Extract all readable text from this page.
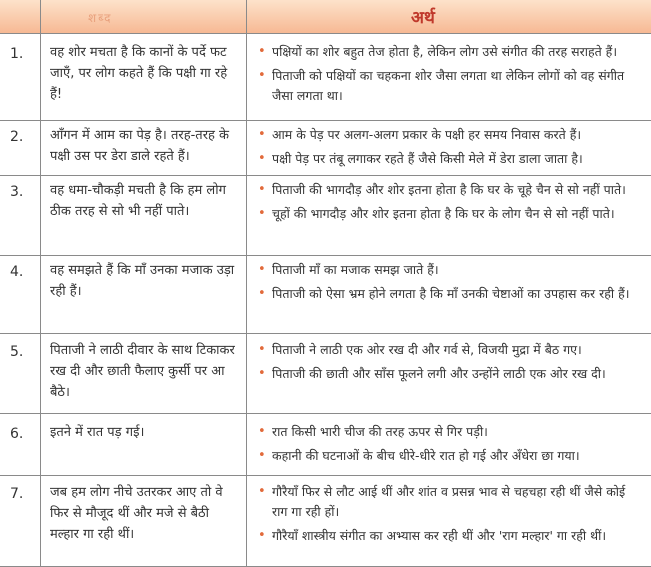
शब्द	अर्थ
1. वह शोर मचता है कि कानों के पर्दे फट जाएँ, पर लोग कहते हैं कि पक्षी गा रहे हैं!
• पक्षियों का शोर बहुत तेज होता है, लेकिन लोग उसे संगीत की तरह सराहते हैं।
• पिताजी को पक्षियों का चहकना शोर जैसा लगता था लेकिन लोगों को वह संगीत जैसा लगता था।
2. आँगन में आम का पेड़ है। तरह-तरह के पक्षी उस पर डेरा डाले रहते हैं।
• आम के पेड़ पर अलग-अलग प्रकार के पक्षी हर समय निवास करते हैं।
• पक्षी पेड़ पर तंबू लगाकर रहते हैं जैसे किसी मेले में डेरा डाला जाता है।
3. वह धमा-चौकड़ी मचती है कि हम लोग ठीक तरह से सो भी नहीं पाते।
• पिताजी की भागदौड़ और शोर इतना होता है कि घर के चूहे चैन से सो नहीं पाते।
• चूहों की भागदौड़ और शोर इतना होता है कि घर के लोग चैन से सो नहीं पाते।
4. वह समझते हैं कि माँ उनका मजाक उड़ा रही हैं।
• पिताजी माँ का मजाक समझ जाते हैं।
• पिताजी को ऐसा भ्रम होने लगता है कि माँ उनकी चेष्टाओं का उपहास कर रही हैं।
5. पिताजी ने लाठी दीवार के साथ टिकाकर रख दी और छाती फैलाए कुर्सी पर आ बैठे।
• पिताजी ने लाठी एक ओर रख दी और गर्व से, विजयी मुद्रा में बैठ गए।
• पिताजी की छाती और साँस फूलने लगी और उन्होंने लाठी एक ओर रख दी।
6. इतने में रात पड़ गई।	• रात किसी भारी चीज की तरह ऊपर से गिर पड़ी।
• कहानी की घटनाओं के बीच धीरे-धीरे रात हो गई और अँधेरा छा गया।
7. जब हम लोग नीचे उतरकर आए तो वे फिर से मौजूद थीं और मजे से बैठी मल्हार गा रही थीं।
• गौरैयाँ फिर से लौट आई थीं और शांत व प्रसन्न भाव से चहचहा रही थीं जैसे कोई राग गा रही हों।
• गौरैयाँ शास्त्रीय संगीत का अभ्यास कर रही थीं और 'राग मल्हार' गा रही थीं।
